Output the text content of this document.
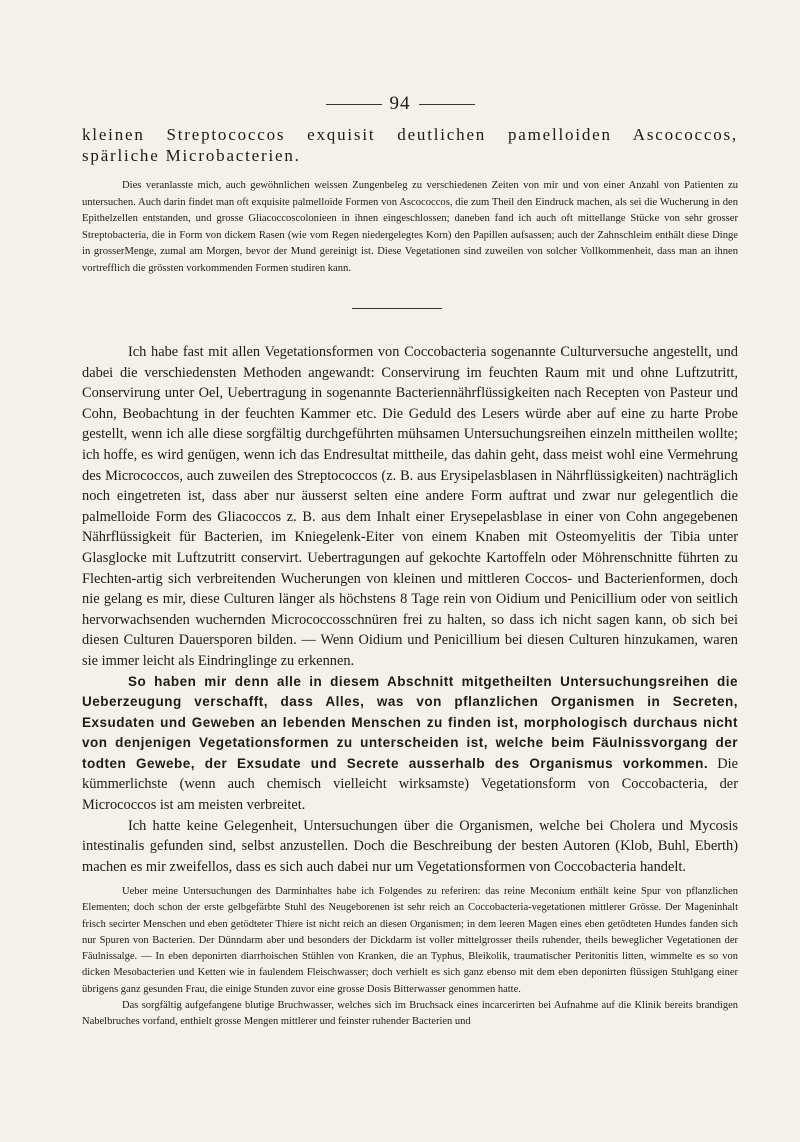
94
kleinen Streptococcos exquisit deutlichen pamelloiden Ascococcos, spärliche Microbacterien.

Dies veranlasste mich, auch gewöhnlichen weissen Zungenbeleg zu verschiedenen Zeiten von mir und von einer Anzahl von Patienten zu untersuchen. Auch darin findet man oft exquisite palmelloide Formen von Ascococcos, die zum Theil den Eindruck machen, als sei die Wucherung in den Epithelzellen entstanden, und grosse Gliacoccoscolonieen in ihnen eingeschlossen; daneben fand ich auch oft mittellange Stücke von sehr grosser Streptobacteria, die in Form von dickem Rasen (wie vom Regen niedergelegtes Korn) den Papillen aufsassen; auch der Zahnschleim enthält diese Dinge in grosserMenge, zumal am Morgen, bevor der Mund gereinigt ist. Diese Vegetationen sind zuweilen von solcher Vollkommenheit, dass man an ihnen vortrefflich die grössten vorkommenden Formen studiren kann.

Ich habe fast mit allen Vegetationsformen von Coccobacteria sogenannte Culturversuche angestellt, und dabei die verschiedensten Methoden angewandt: Conservirung im feuchten Raum mit und ohne Luftzutritt, Conservirung unter Oel, Uebertragung in sogenannte Bacteriennährflüssigkeiten nach Recepten von Pasteur und Cohn, Beobachtung in der feuchten Kammer etc. Die Geduld des Lesers würde aber auf eine zu harte Probe gestellt, wenn ich alle diese sorgfältig durchgeführten mühsamen Untersuchungsreihen einzeln mittheilen wollte; ich hoffe, es wird genügen, wenn ich das Endresultat mittheile, das dahin geht, dass meist wohl eine Vermehrung des Micrococcos, auch zuweilen des Streptococcos (z. B. aus Erysipelasblasen in Nährflüssigkeiten) nachträglich noch eingetreten ist, dass aber nur äusserst selten eine andere Form auftrat und zwar nur gelegentlich die palmelloide Form des Gliacoccos z. B. aus dem Inhalt einer Erysepelasblase in einer von Cohn angegebenen Nährflüssigkeit für Bacterien, im Kniegelenk-Eiter von einem Knaben mit Osteomyelitis der Tibia unter Glasglocke mit Luftzutritt conservirt. Uebertragungen auf gekochte Kartoffeln oder Möhrenschnitte führten zu Flechten-artig sich verbreitenden Wucherungen von kleinen und mittleren Coccos- und Bacterienformen, doch nie gelang es mir, diese Culturen länger als höchstens 8 Tage rein von Oidium und Penicillium oder von seitlich hervorwachsenden wuchernden Micrococcosschnüren frei zu halten, so dass ich nicht sagen kann, ob sich bei diesen Culturen Dauersporen bilden. — Wenn Oidium und Penicillium bei diesen Culturen hinzukamen, waren sie immer leicht als Eindringlinge zu erkennen.

So haben mir denn alle in diesem Abschnitt mitgetheilten Untersuchungsreihen die Ueberzeugung verschafft, dass Alles, was von pflanzlichen Organismen in Secreten, Exsudaten und Geweben an lebenden Menschen zu finden ist, morphologisch durchaus nicht von denjenigen Vegetationsformen zu unterscheiden ist, welche beim Fäulnissvorgang der todten Gewebe, der Exsudate und Secrete ausserhalb des Organismus vorkommen. Die kümmerlichste (wenn auch chemisch vielleicht wirksamste) Vegetationsform von Coccobacteria, der Micrococcos ist am meisten verbreitet.

Ich hatte keine Gelegenheit, Untersuchungen über die Organismen, welche bei Cholera und Mycosis intestinalis gefunden sind, selbst anzustellen. Doch die Beschreibung der besten Autoren (Klob, Buhl, Eberth) machen es mir zweifellos, dass es sich auch dabei nur um Vegetationsformen von Coccobacteria handelt.

Ueber meine Untersuchungen des Darminhaltes habe ich Folgendes zu referiren: das reine Meconium enthält keine Spur von pflanzlichen Elementen; doch schon der erste gelbgefärbte Stuhl des Neugeborenen ist sehr reich an Coccobacteria-vegetationen mittlerer Grösse. Der Mageninhalt frisch secirter Menschen und eben getödteter Thiere ist nicht reich an diesen Organismen; in dem leeren Magen eines eben getödteten Hundes fanden sich nur Spuren von Bacterien. Der Dünndarm aber und besonders der Dickdarm ist voller mittelgrosser theils ruhender, theils beweglicher Vegetationen der Fäulnissalge. — In eben deponirten diarrhoischen Stühlen von Kranken, die an Typhus, Bleikolik, traumatischer Peritonitis litten, wimmelte es so von dicken Mesobacterien und Ketten wie in faulendem Fleischwasser; doch verhielt es sich ganz ebenso mit dem eben deponirten flüssigen Stuhlgang einer übrigens ganz gesunden Frau, die einige Stunden zuvor eine grosse Dosis Bitterwasser genommen hatte.

Das sorgfältig aufgefangene blutige Bruchwasser, welches sich im Bruchsack eines incarcerirten bei Aufnahme auf die Klinik bereits brandigen Nabelbruches vorfand, enthielt grosse Mengen mittlerer und feinster ruhender Bacterien und
